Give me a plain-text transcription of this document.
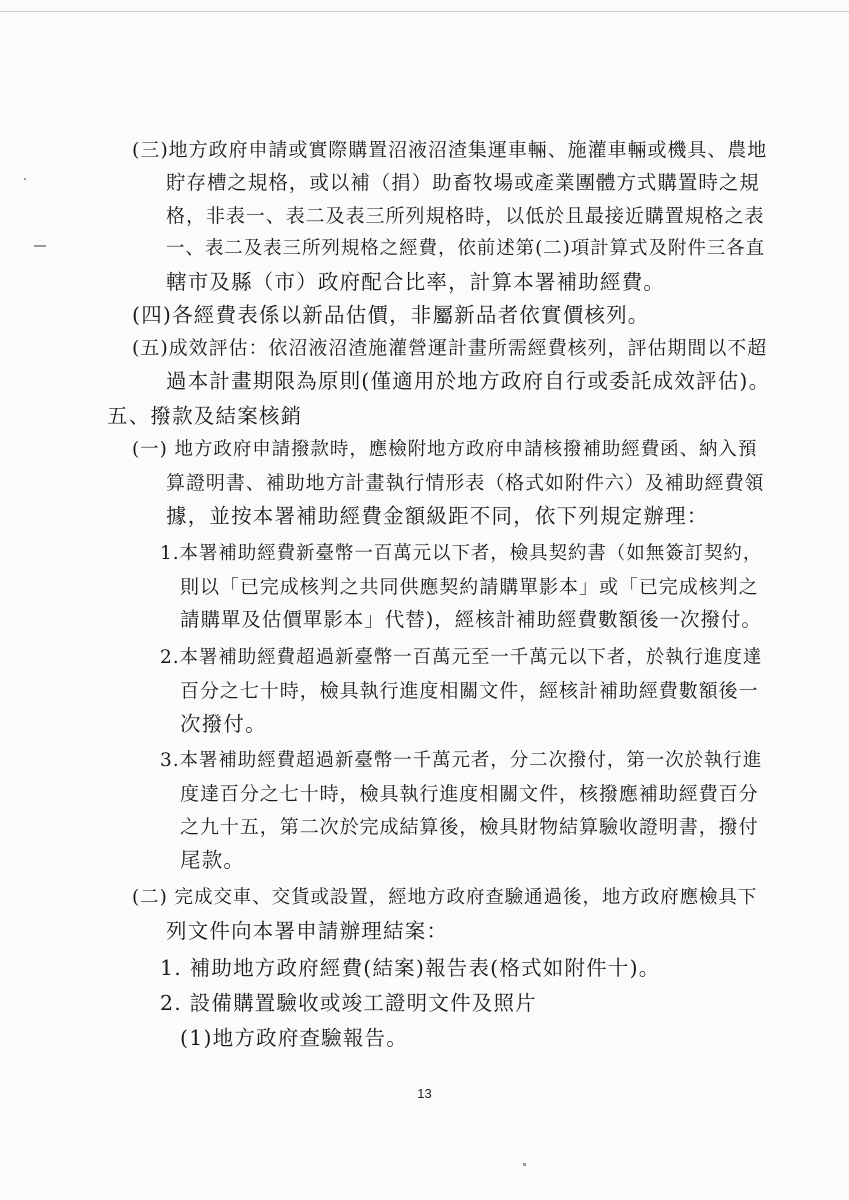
(三)地方政府申請或實際購置沼液沼渣集運車輛、施灌車輛或機具、農地
貯存槽之規格，或以補（捐）助畜牧場或產業團體方式購置時之規
格，非表一、表二及表三所列規格時，以低於且最接近購置規格之表
一、表二及表三所列規格之經費，依前述第(二)項計算式及附件三各直
轄市及縣（市）政府配合比率，計算本署補助經費。
(四)各經費表係以新品估價，非屬新品者依實價核列。
(五)成效評估：依沼液沼渣施灌營運計畫所需經費核列，評估期間以不超
過本計畫期限為原則(僅適用於地方政府自行或委託成效評估)。
五、撥款及結案核銷
(一) 地方政府申請撥款時，應檢附地方政府申請核撥補助經費函、納入預
算證明書、補助地方計畫執行情形表（格式如附件六）及補助經費領
據，並按本署補助經費金額級距不同，依下列規定辦理：
1.本署補助經費新臺幣一百萬元以下者，檢具契約書（如無簽訂契約，
則以「已完成核判之共同供應契約請購單影本」或「已完成核判之
請購單及估價單影本」代替)，經核計補助經費數額後一次撥付。
2.本署補助經費超過新臺幣一百萬元至一千萬元以下者，於執行進度達
百分之七十時，檢具執行進度相關文件，經核計補助經費數額後一
次撥付。
3.本署補助經費超過新臺幣一千萬元者，分二次撥付，第一次於執行進
度達百分之七十時，檢具執行進度相關文件，核撥應補助經費百分
之九十五，第二次於完成結算後，檢具財物結算驗收證明書，撥付
尾款。
(二) 完成交車、交貨或設置，經地方政府查驗通過後，地方政府應檢具下
列文件向本署申請辦理結案：
1. 補助地方政府經費(結案)報告表(格式如附件十)。
2. 設備購置驗收或竣工證明文件及照片
(1)地方政府查驗報告。
13
